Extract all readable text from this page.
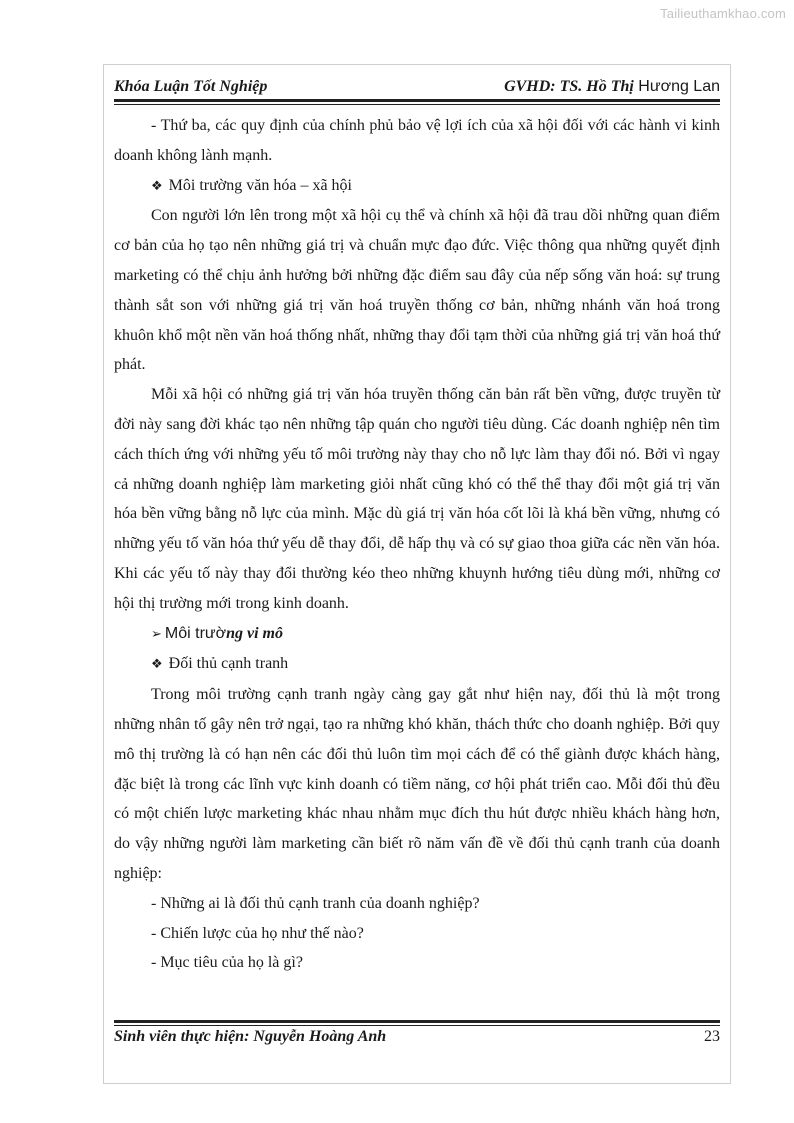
Tailieuthamkhao.com
Khóa Luận Tốt Nghiệp	GVHD: TS. Hồ Thị Hương Lan

- Thứ ba, các quy định của chính phủ bảo vệ lợi ích của xã hội đối với các hành vi kinh doanh không lành mạnh.

❖ Môi trường văn hóa – xã hội

Con người lớn lên trong một xã hội cụ thể và chính xã hội đã trau dồi những quan điểm cơ bản của họ tạo nên những giá trị và chuẩn mực đạo đức. Việc thông qua những quyết định marketing có thể chịu ảnh hưởng bởi những đặc điểm sau đây của nếp sống văn hoá: sự trung thành sắt son với những giá trị văn hoá truyền thống cơ bản, những nhánh văn hoá trong khuôn khổ một nền văn hoá thống nhất, những thay đổi tạm thời của những giá trị văn hoá thứ phát.

Mỗi xã hội có những giá trị văn hóa truyền thống căn bản rất bền vững, được truyền từ đời này sang đời khác tạo nên những tập quán cho người tiêu dùng. Các doanh nghiệp nên tìm cách thích ứng với những yếu tố môi trường này thay cho nỗ lực làm thay đổi nó. Bởi vì ngay cả những doanh nghiệp làm marketing giỏi nhất cũng khó có thể thể thay đổi một giá trị văn hóa bền vững bằng nỗ lực của mình. Mặc dù giá trị văn hóa cốt lõi là khá bền vững, nhưng có những yếu tố văn hóa thứ yếu dễ thay đổi, dễ hấp thụ và có sự giao thoa giữa các nền văn hóa. Khi các yếu tố này thay đổi thường kéo theo những khuynh hướng tiêu dùng mới, những cơ hội thị trường mới trong kinh doanh.

➢ Môi trường vi mô

❖ Đối thủ cạnh tranh

Trong môi trường cạnh tranh ngày càng gay gắt như hiện nay, đối thủ là một trong những nhân tố gây nên trở ngại, tạo ra những khó khăn, thách thức cho doanh nghiệp. Bởi quy mô thị trường là có hạn nên các đối thủ luôn tìm mọi cách để có thể giành được khách hàng, đặc biệt là trong các lĩnh vực kinh doanh có tiềm năng, cơ hội phát triển cao. Mỗi đối thủ đều có một chiến lược marketing khác nhau nhằm mục đích thu hút được nhiều khách hàng hơn, do vậy những người làm marketing cần biết rõ năm vấn đề về đối thủ cạnh tranh của doanh nghiệp:

- Những ai là đối thủ cạnh tranh của doanh nghiệp?

- Chiến lược của họ như thế nào?

- Mục tiêu của họ là gì?

Sinh viên thực hiện: Nguyễn Hoàng Anh	23
